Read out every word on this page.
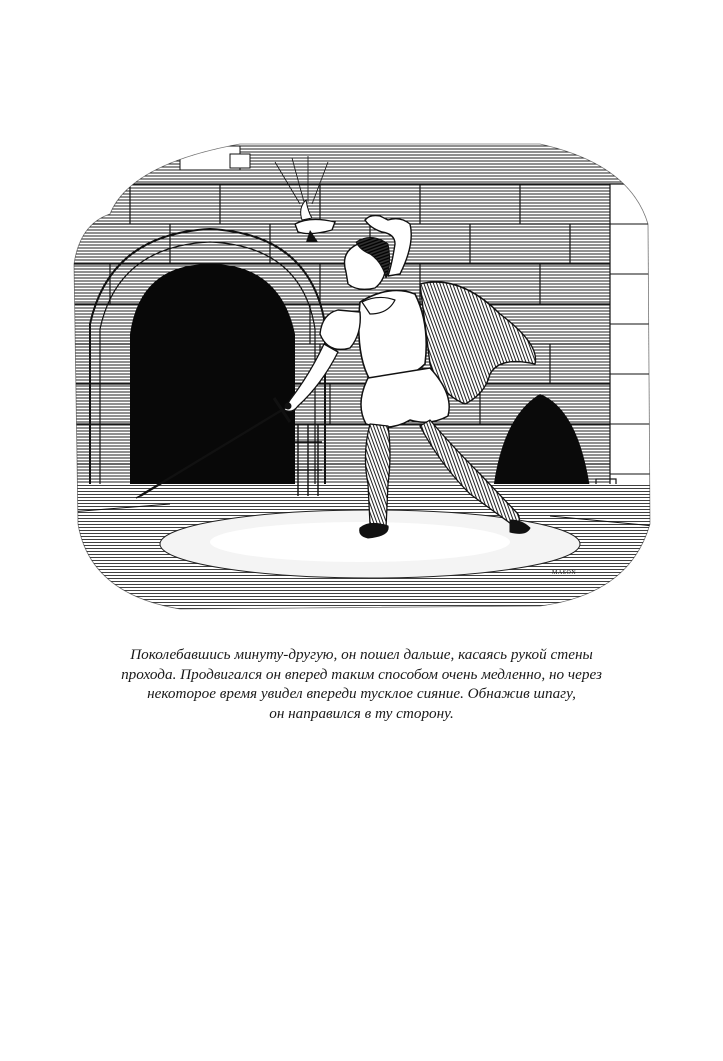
MASON
Поколебавшись минуту-другую, он пошел дальше, касаясь рукой стены
прохода. Продвигался он вперед таким способом очень медленно, но через
некоторое время увидел впереди тусклое сияние. Обнажив шпагу,
он направился в ту сторону.
